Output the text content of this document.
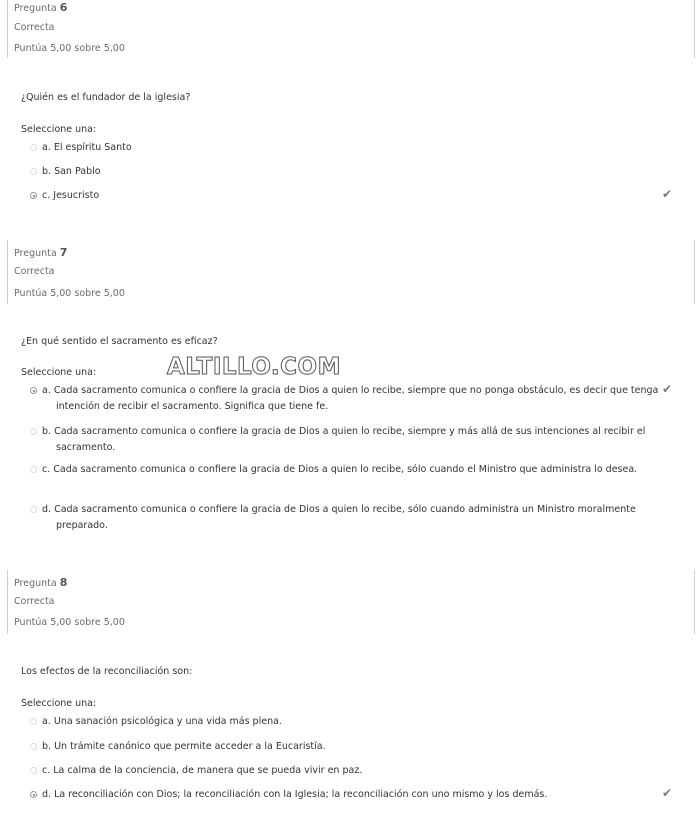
Pregunta 6
Correcta
Puntúa 5,00 sobre 5,00
¿Quién es el fundador de la iglesia?
Seleccione una:
a. El espíritu Santo
b. San Pablo
c. Jesucristo	✔
Pregunta 7
Correcta
Puntúa 5,00 sobre 5,00
¿En qué sentido el sacramento es eficaz?
Seleccione una:	ALTILLO.COM
a. Cada sacramento comunica o confiere la gracia de Dios a quien lo recibe, siempre que no ponga obstáculo, es decir que tenga intención de recibir el sacramento. Significa que tiene fe.
✔
b. Cada sacramento comunica o confiere la gracia de Dios a quien lo recibe, siempre y más allá de sus intenciones al recibir el sacramento.
c. Cada sacramento comunica o confiere la gracia de Dios a quien lo recibe, sólo cuando el Ministro que administra lo desea.
d. Cada sacramento comunica o confiere la gracia de Dios a quien lo recibe, sólo cuando administra un Ministro moralmente preparado.
Pregunta 8
Correcta
Puntúa 5,00 sobre 5,00
Los efectos de la reconciliación son:
Seleccione una:
a. Una sanación psicológica y una vida más plena.
b. Un trámite canónico que permite acceder a la Eucaristía.
c. La calma de la conciencia, de manera que se pueda vivir en paz.
d. La reconciliación con Dios; la reconciliación con la Iglesia; la reconciliación con uno mismo y los demás.	✔
